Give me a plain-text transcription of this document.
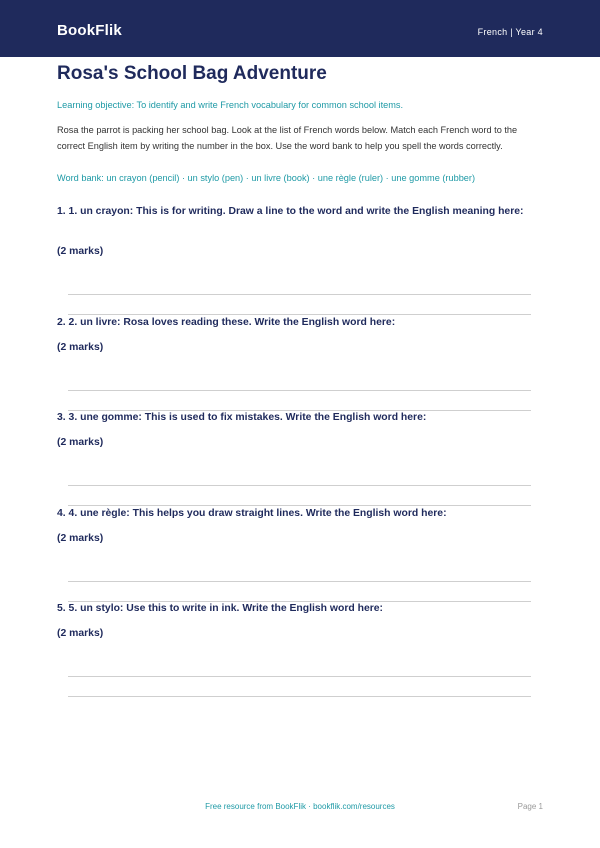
BookFlik	French | Year 4
Rosa's School Bag Adventure
Learning objective: To identify and write French vocabulary for common school items.
Rosa the parrot is packing her school bag. Look at the list of French words below. Match each French word to the correct English item by writing the number in the box. Use the word bank to help you spell the words correctly.
Word bank: un crayon (pencil) · un stylo (pen) · un livre (book) · une règle (ruler) · une gomme (rubber)
1. 1. un crayon: This is for writing. Draw a line to the word and write the English meaning here:
(2 marks)
2. 2. un livre: Rosa loves reading these. Write the English word here:
(2 marks)
3. 3. une gomme: This is used to fix mistakes. Write the English word here:
(2 marks)
4. 4. une règle: This helps you draw straight lines. Write the English word here:
(2 marks)
5. 5. un stylo: Use this to write in ink. Write the English word here:
(2 marks)
Free resource from BookFlik · bookflik.com/resources	Page 1
